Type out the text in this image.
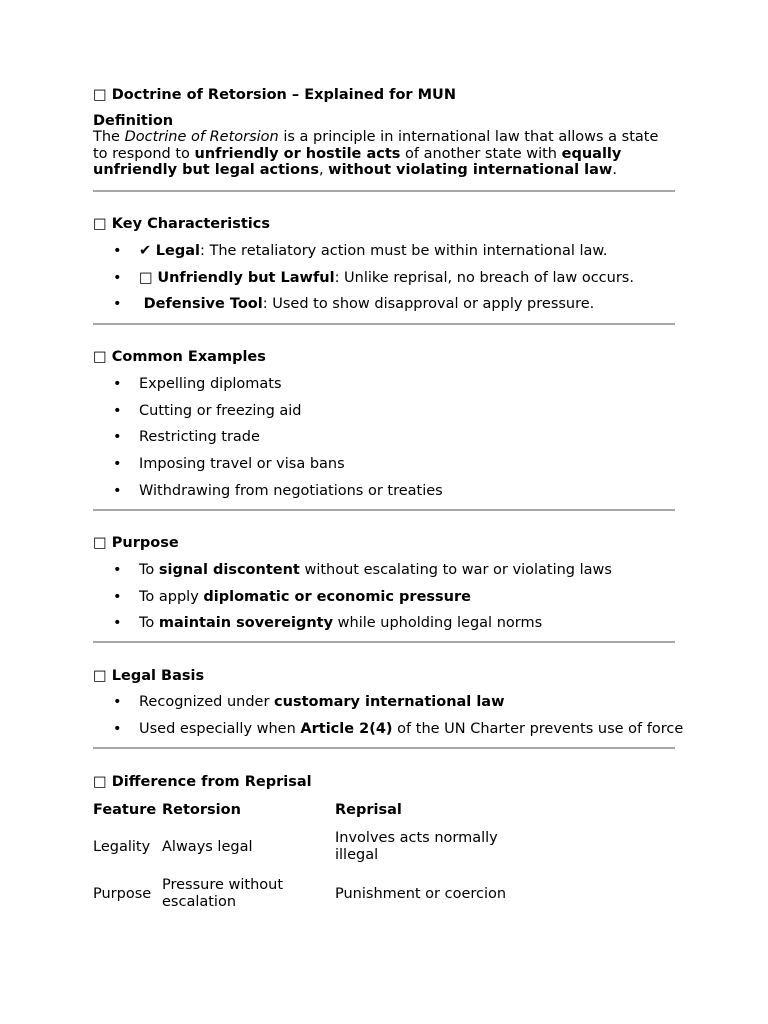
□ Doctrine of Retorsion – Explained for MUN
Definition
The Doctrine of Retorsion is a principle in international law that allows a state to respond to unfriendly or hostile acts of another state with equally unfriendly but legal actions, without violating international law.
□ Key Characteristics
• ✔ Legal: The retaliatory action must be within international law.
• □ Unfriendly but Lawful: Unlike reprisal, no breach of law occurs.
• Defensive Tool: Used to show disapproval or apply pressure.
□ Common Examples
• Expelling diplomats
• Cutting or freezing aid
• Restricting trade
• Imposing travel or visa bans
• Withdrawing from negotiations or treaties
□ Purpose
• To signal discontent without escalating to war or violating laws
• To apply diplomatic or economic pressure
• To maintain sovereignty while upholding legal norms
□ Legal Basis
• Recognized under customary international law
• Used especially when Article 2(4) of the UN Charter prevents use of force
□ Difference from Reprisal
Feature	Retorsion	Reprisal
Legality	Always legal	Involves acts normally illegal
Purpose	Pressure without escalation	Punishment or coercion
